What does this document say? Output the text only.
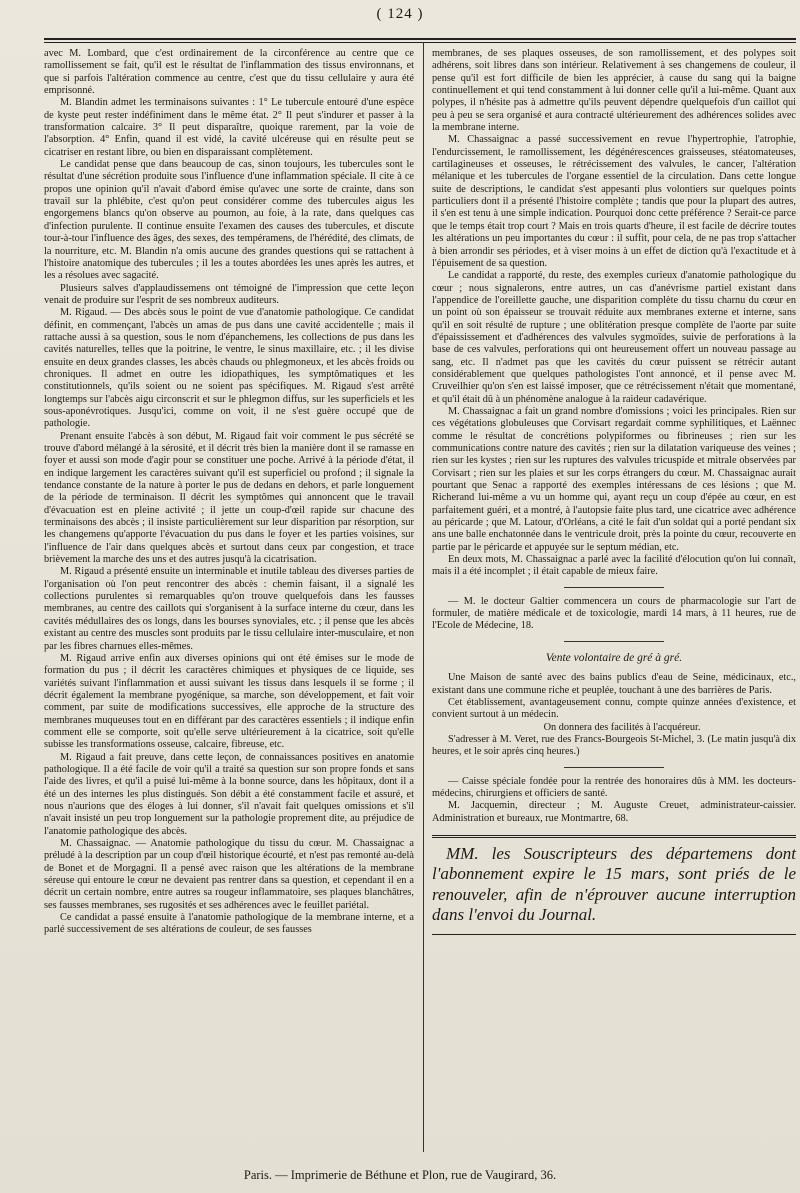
( 124 )

avec M. Lombard, que c'est ordinairement de la circonférence au centre que ce ramollissement se fait, qu'il est le résultat de l'inflammation des tissus environnans, et que si parfois l'altération commence au centre, c'est que du tissu cellulaire y aura été emprisonné.

M. Blandin admet les terminaisons suivantes : 1° Le tubercule entouré d'une espèce de kyste peut rester indéfiniment dans le même état. 2° Il peut s'indurer et passer à la transformation calcaire. 3° Il peut disparaître, quoique rarement, par la voie de l'absorption. 4° Enfin, quand il est vidé, la cavité ulcéreuse qui en résulte peut se cicatriser en restant libre, ou bien en disparaissant complètement.

Le candidat pense que dans beaucoup de cas, sinon toujours, les tubercules sont le résultat d'une sécrétion produite sous l'influence d'une inflammation spéciale. Il cite à ce propos une opinion qu'il n'avait d'abord émise qu'avec une sorte de crainte, dans son travail sur la phlébite, c'est qu'on peut considérer comme des tubercules aigus les engorgemens blancs qu'on observe au poumon, au foie, à la rate, dans quelques cas d'infection purulente. Il continue ensuite l'examen des causes des tubercules, et discute tour-à-tour l'influence des âges, des sexes, des tempéramens, de l'hérédité, des climats, de la nourriture, etc. M. Blandin n'a omis aucune des grandes questions qui se rattachent à l'histoire anatomique des tubercules ; il les a toutes abordées les unes après les autres, et les a résolues avec sagacité.

Plusieurs salves d'applaudissemens ont témoigné de l'impression que cette leçon venait de produire sur l'esprit de ses nombreux auditeurs.

M. Rigaud. — Des abcès sous le point de vue d'anatomie pathologique. Ce candidat définit, en commençant, l'abcès un amas de pus dans une cavité accidentelle ; mais il rattache aussi à sa question, sous le nom d'épanchemens, les collections de pus dans les cavités naturelles, telles que la poitrine, le ventre, le sinus maxillaire, etc. ; il les divise ensuite en deux grandes classes, les abcès chauds ou phlegmoneux, et les abcès froids ou chroniques. Il admet en outre les idiopathiques, les symptômatiques et les constitutionnels, qu'ils soient ou ne soient pas spécifiques. M. Rigaud s'est arrêté longtemps sur l'abcès aigu circonscrit et sur le phlegmon diffus, sur les superficiels et les sous-aponévrotiques. Jusqu'ici, comme on voit, il ne s'est guère occupé que de pathologie.

Prenant ensuite l'abcès à son début, M. Rigaud fait voir comment le pus sécrété se trouve d'abord mélangé à la sérosité, et il décrit très bien la manière dont il se ramasse en foyer et aussi son mode d'agir pour se constituer une poche. Arrivé à la période d'état, il en indique largement les caractères suivant qu'il est superficiel ou profond ; il signale la tendance constante de la nature à porter le pus de dedans en dehors, et parle longuement de la période de terminaison. Il décrit les symptômes qui annoncent que le travail d'évacuation est en pleine activité ; il jette un coup-d'œil rapide sur chacune des terminaisons des abcès ; il insiste particulièrement sur leur disparition par résorption, sur les changemens qu'apporte l'évacuation du pus dans le foyer et les parties voisines, sur l'influence de l'air dans quelques abcès et surtout dans ceux par congestion, et trace brièvement la marche des uns et des autres jusqu'à la cicatrisation.

M. Rigaud a présenté ensuite un interminable et inutile tableau des diverses parties de l'organisation où l'on peut rencontrer des abcès : chemin faisant, il a signalé les collections purulentes si remarquables qu'on trouve quelquefois dans les fausses membranes, au centre des caillots qui s'organisent à la surface interne du cœur, dans les cavités médullaires des os longs, dans les bourses synoviales, etc. ; il pense que les abcès existant au centre des muscles sont produits par le tissu cellulaire inter-musculaire, et non par les fibres charnues elles-mêmes.

M. Rigaud arrive enfin aux diverses opinions qui ont été émises sur le mode de formation du pus ; il décrit les caractères chimiques et physiques de ce liquide, ses variétés suivant l'inflammation et aussi suivant les tissus dans lesquels il se forme ; il décrit également la membrane pyogénique, sa marche, son développement, et fait voir comment, par suite de modifications successives, elle approche de la structure des membranes muqueuses tout en en différant par des caractères essentiels ; il indique enfin comment elle se comporte, soit qu'elle serve ultérieurement à la cicatrice, soit qu'elle subisse les transformations osseuse, calcaire, fibreuse, etc.

M. Rigaud a fait preuve, dans cette leçon, de connaissances positives en anatomie pathologique. Il a été facile de voir qu'il a traité sa question sur son propre fonds et sans l'aide des livres, et qu'il a puisé lui-même à la bonne source, dans les hôpitaux, dont il a été un des internes les plus distingués. Son débit a été constamment facile et assuré, et nous n'aurions que des éloges à lui donner, s'il n'avait fait quelques omissions et s'il n'avait insisté un peu trop longuement sur la pathologie proprement dite, au préjudice de l'anatomie pathologique des abcès.

M. Chassaignac. — Anatomie pathologique du tissu du cœur. M. Chassaignac a préludé à la description par un coup d'œil historique écourté, et n'est pas remonté au-delà de Bonet et de Morgagni. Il a pensé avec raison que les altérations de la membrane séreuse qui entoure le cœur ne devaient pas rentrer dans sa question, et cependant il en a décrit un certain nombre, entre autres sa rougeur inflammatoire, ses plaques blanchâtres, ses fausses membranes, ses rugosités et ses adhérences avec le feuillet pariétal.

Ce candidat a passé ensuite à l'anatomie pathologique de la membrane interne, et a parlé successivement de ses altérations de couleur, de ses fausses

membranes, de ses plaques osseuses, de son ramollissement, et des polypes soit adhérens, soit libres dans son intérieur. Relativement à ses changemens de couleur, il pense qu'il est fort difficile de bien les apprécier, à cause du sang qui la baigne continuellement et qui tend constamment à lui donner celle qu'il a lui-même. Quant aux polypes, il n'hésite pas à admettre qu'ils peuvent dépendre quelquefois d'un caillot qui peu à peu se sera organisé et aura contracté ultérieurement des adhérences solides avec la membrane interne.

M. Chassaignac a passé successivement en revue l'hypertrophie, l'atrophie, l'endurcissement, le ramollissement, les dégénérescences graisseuses, stéatomateuses, cartilagineuses et osseuses, le rétrécissement des valvules, le cancer, l'altération mélanique et les tubercules de l'organe essentiel de la circulation. Dans cette longue suite de descriptions, le candidat s'est appesanti plus volontiers sur quelques points particuliers dont il a présenté l'histoire complète ; tandis que pour la plupart des autres, il s'en est tenu à une simple indication. Pourquoi donc cette préférence ? Serait-ce parce que le temps était trop court ? Mais en trois quarts d'heure, il est facile de décrire toutes les altérations un peu importantes du cœur : il suffit, pour cela, de ne pas trop s'attacher à bien arrondir ses périodes, et à viser moins à un effet de diction qu'à l'exactitude et à l'épuisement de sa question.

Le candidat a rapporté, du reste, des exemples curieux d'anatomie pathologique du cœur ; nous signalerons, entre autres, un cas d'anévrisme partiel existant dans l'appendice de l'oreillette gauche, une disparition complète du tissu charnu du cœur en un point où son épaisseur se trouvait réduite aux membranes externe et interne, sans qu'il en soit résulté de rupture ; une oblitération presque complète de l'aorte par suite d'épaississement et d'adhérences des valvules sygmoïdes, suivie de perforations à la base de ces valvules, perforations qui ont heureusement offert un nouveau passage au sang, etc. Il n'admet pas que les cavités du cœur puissent se rétrécir autant considérablement que quelques pathologistes l'ont annoncé, et il pense avec M. Cruveilhier qu'on s'en est laissé imposer, que ce rétrécissement n'était que momentané, et qu'il était dû à un phénomène analogue à la raideur cadavérique.

M. Chassaignac a fait un grand nombre d'omissions ; voici les principales. Rien sur ces végétations globuleuses que Corvisart regardait comme syphilitiques, et Laënnec comme le résultat de concrétions polypiformes ou fibrineuses ; rien sur les communications contre nature des cavités ; rien sur la dilatation variqueuse des veines ; rien sur les kystes ; rien sur les ruptures des valvules tricuspide et mitrale observées par Corvisart ; rien sur les plaies et sur les corps étrangers du cœur. M. Chassaignac aurait pourtant que Senac a rapporté des exemples intéressans de ces lésions ; que M. Richerand lui-même a vu un homme qui, ayant reçu un coup d'épée au cœur, en est parfaitement guéri, et a montré, à l'autopsie faite plus tard, une cicatrice avec adhérence au péricarde ; que M. Latour, d'Orléans, a cité le fait d'un soldat qui a porté pendant six ans une balle enchatonnée dans le ventricule droit, près la pointe du cœur, recouverte en partie par le péricarde et appuyée sur le septum médian, etc.

En deux mots, M. Chassaignac a parlé avec la facilité d'élocution qu'on lui connaît, mais il a été incomplet ; il était capable de mieux faire.

— M. le docteur Galtier commencera un cours de pharmacologie sur l'art de formuler, de matière médicale et de toxicologie, mardi 14 mars, à 11 heures, rue de l'Ecole de Médecine, 18.

Vente volontaire de gré à gré.

Une Maison de santé avec des bains publics d'eau de Seine, médicinaux, etc., existant dans une commune riche et peuplée, touchant à une des barrières de Paris.

Cet établissement, avantageusement connu, compte quinze années d'existence, et convient surtout à un médecin.

On donnera des facilités à l'acquéreur.

S'adresser à M. Veret, rue des Francs-Bourgeois St-Michel, 3. (Le matin jusqu'à dix heures, et le soir après cinq heures.)

— Caisse spéciale fondée pour la rentrée des honoraires dûs à MM. les docteurs-médecins, chirurgiens et officiers de santé.

M. Jacquemin, directeur ; M. Auguste Creuet, administrateur-caissier. Administration et bureaux, rue Montmartre, 68.

MM. les Souscripteurs des départemens dont l'abonnement expire le 15 mars, sont priés de le renouveler, afin de n'éprouver aucune interruption dans l'envoi du Journal.

Paris. — Imprimerie de Béthune et Plon, rue de Vaugirard, 36.
